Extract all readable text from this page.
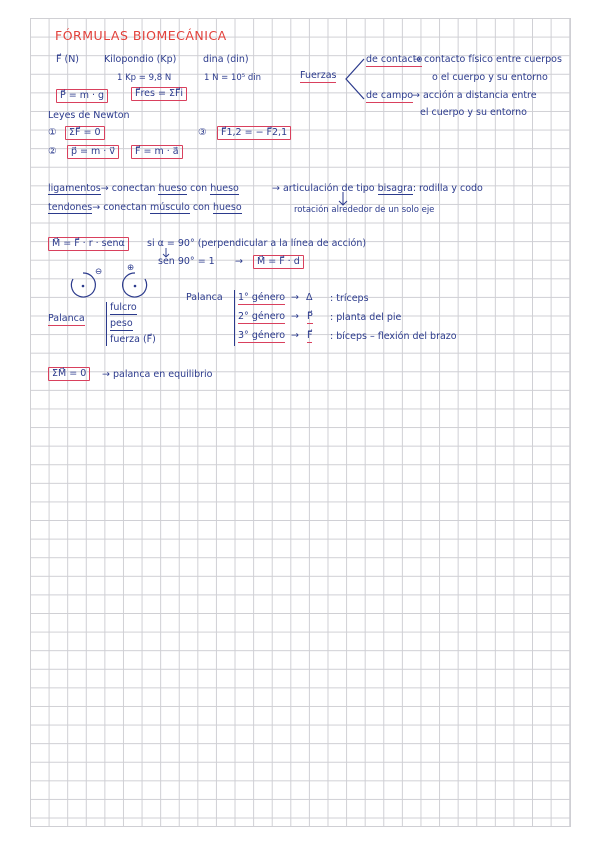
FÓRMULAS BIOMECÁNICA
F⃗ (N)	Kilopondio (Kp)	dina (din)
1 Kp = 9,8 N	1 N = 10⁵ din
P⃗ = m · g	F⃗res = ΣF⃗i
Fuerzas
de contacto
→ contacto físico entre cuerpos
o el cuerpo y su entorno
de campo
→ acción a distancia entre
el cuerpo y su entorno
Leyes de Newton
①	ΣF⃗ = 0	③	F⃗1,2 = − F⃗2,1
②	p⃗ = m · v⃗	F⃗ = m · a⃗
ligamentos→ conectan hueso con hueso	→ articulación de tipo bisagra: rodilla y codo
tendones→ conectan músculo con hueso	rotación alrededor de un solo eje
M⃗ = F⃗ · r · senα	si α = 90° (perpendicular a la línea de acción)
sen 90° = 1 →	M⃗ = F⃗ · d
⊖	⊕
Palanca
fulcro
peso
fuerza (F⃗)
Palanca 1° género → Δ : tríceps
2° género → P⃗ : planta del pie
3° género → F⃗ : bíceps – flexión del brazo
ΣM⃗ = 0	→ palanca en equilibrio
